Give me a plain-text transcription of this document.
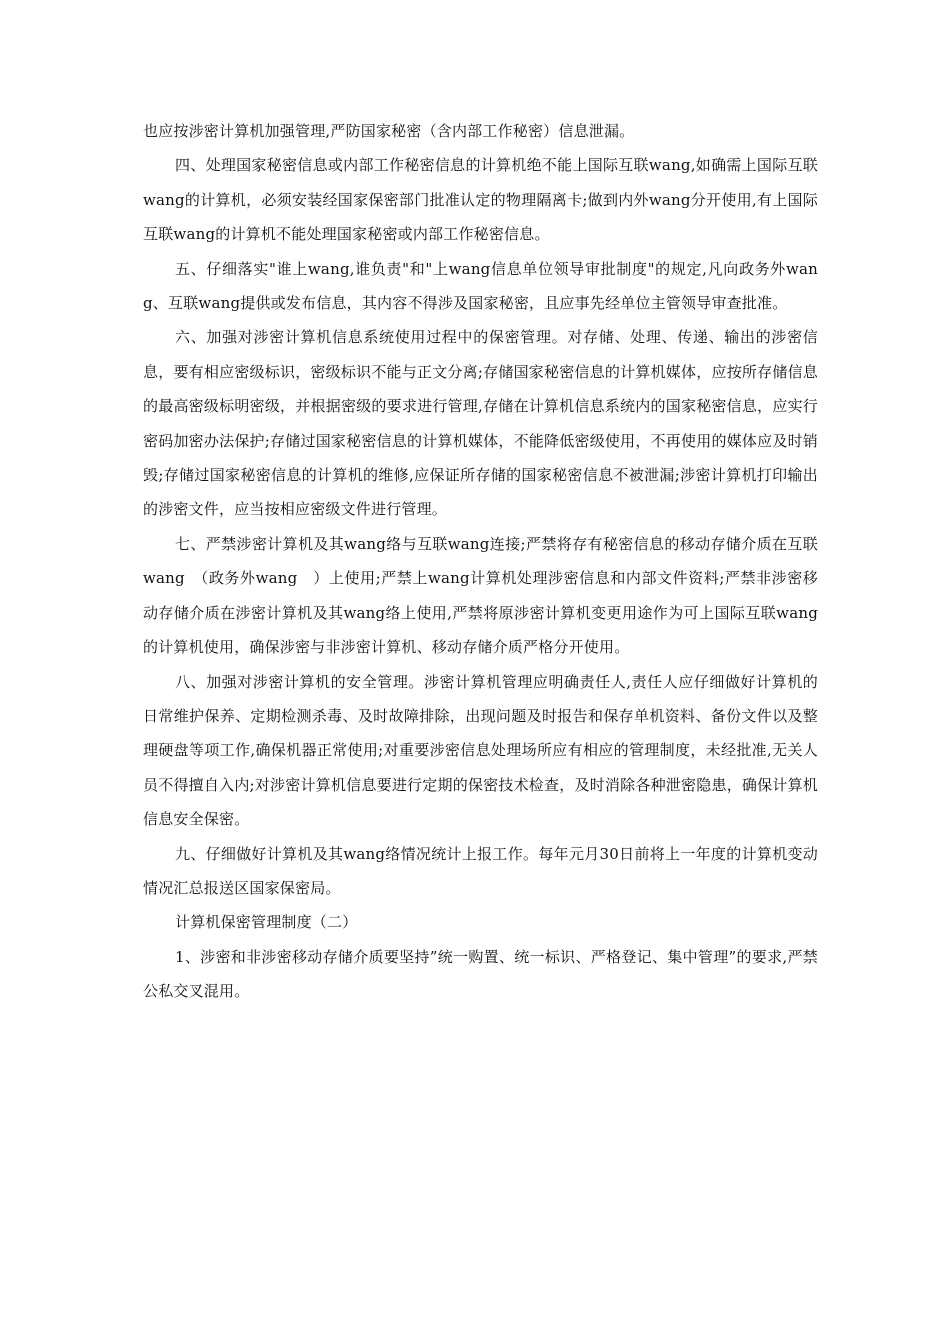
也应按涉密计算机加强管理,严防国家秘密（含内部工作秘密）信息泄漏。

四、处理国家秘密信息或内部工作秘密信息的计算机绝不能上国际互联wang,如确需上国际互联wang的计算机，必须安装经国家保密部门批准认定的物理隔离卡;做到内外wang分开使用,有上国际互联wang的计算机不能处理国家秘密或内部工作秘密信息。

五、仔细落实"谁上wang,谁负责"和"上wang信息单位领导审批制度"的规定,凡向政务外wang、互联wang提供或发布信息，其内容不得涉及国家秘密，且应事先经单位主管领导审查批准。

六、加强对涉密计算机信息系统使用过程中的保密管理。对存储、处理、传递、输出的涉密信息，要有相应密级标识，密级标识不能与正文分离;存储国家秘密信息的计算机媒体，应按所存储信息的最高密级标明密级，并根据密级的要求进行管理,存储在计算机信息系统内的国家秘密信息，应实行密码加密办法保护;存储过国家秘密信息的计算机媒体，不能降低密级使用，不再使用的媒体应及时销毁;存储过国家秘密信息的计算机的维修,应保证所存储的国家秘密信息不被泄漏;涉密计算机打印输出的涉密文件，应当按相应密级文件进行管理。

七、严禁涉密计算机及其wang络与互联wang连接;严禁将存有秘密信息的移动存储介质在互联wang　（政务外wang　）上使用;严禁上wang计算机处理涉密信息和内部文件资料;严禁非涉密移动存储介质在涉密计算机及其wang络上使用,严禁将原涉密计算机变更用途作为可上国际互联wang的计算机使用，确保涉密与非涉密计算机、移动存储介质严格分开使用。

八、加强对涉密计算机的安全管理。涉密计算机管理应明确责任人,责任人应仔细做好计算机的日常维护保养、定期检测杀毒、及时故障排除，出现问题及时报告和保存单机资料、备份文件以及整理硬盘等项工作,确保机器正常使用;对重要涉密信息处理场所应有相应的管理制度，未经批准,无关人员不得擅自入内;对涉密计算机信息要进行定期的保密技术检查，及时消除各种泄密隐患，确保计算机信息安全保密。

九、仔细做好计算机及其wang络情况统计上报工作。每年元月30日前将上一年度的计算机变动情况汇总报送区国家保密局。

计算机保密管理制度（二）

1、涉密和非涉密移动存储介质要坚持”统一购置、统一标识、严格登记、集中管理”的要求,严禁公私交叉混用。
